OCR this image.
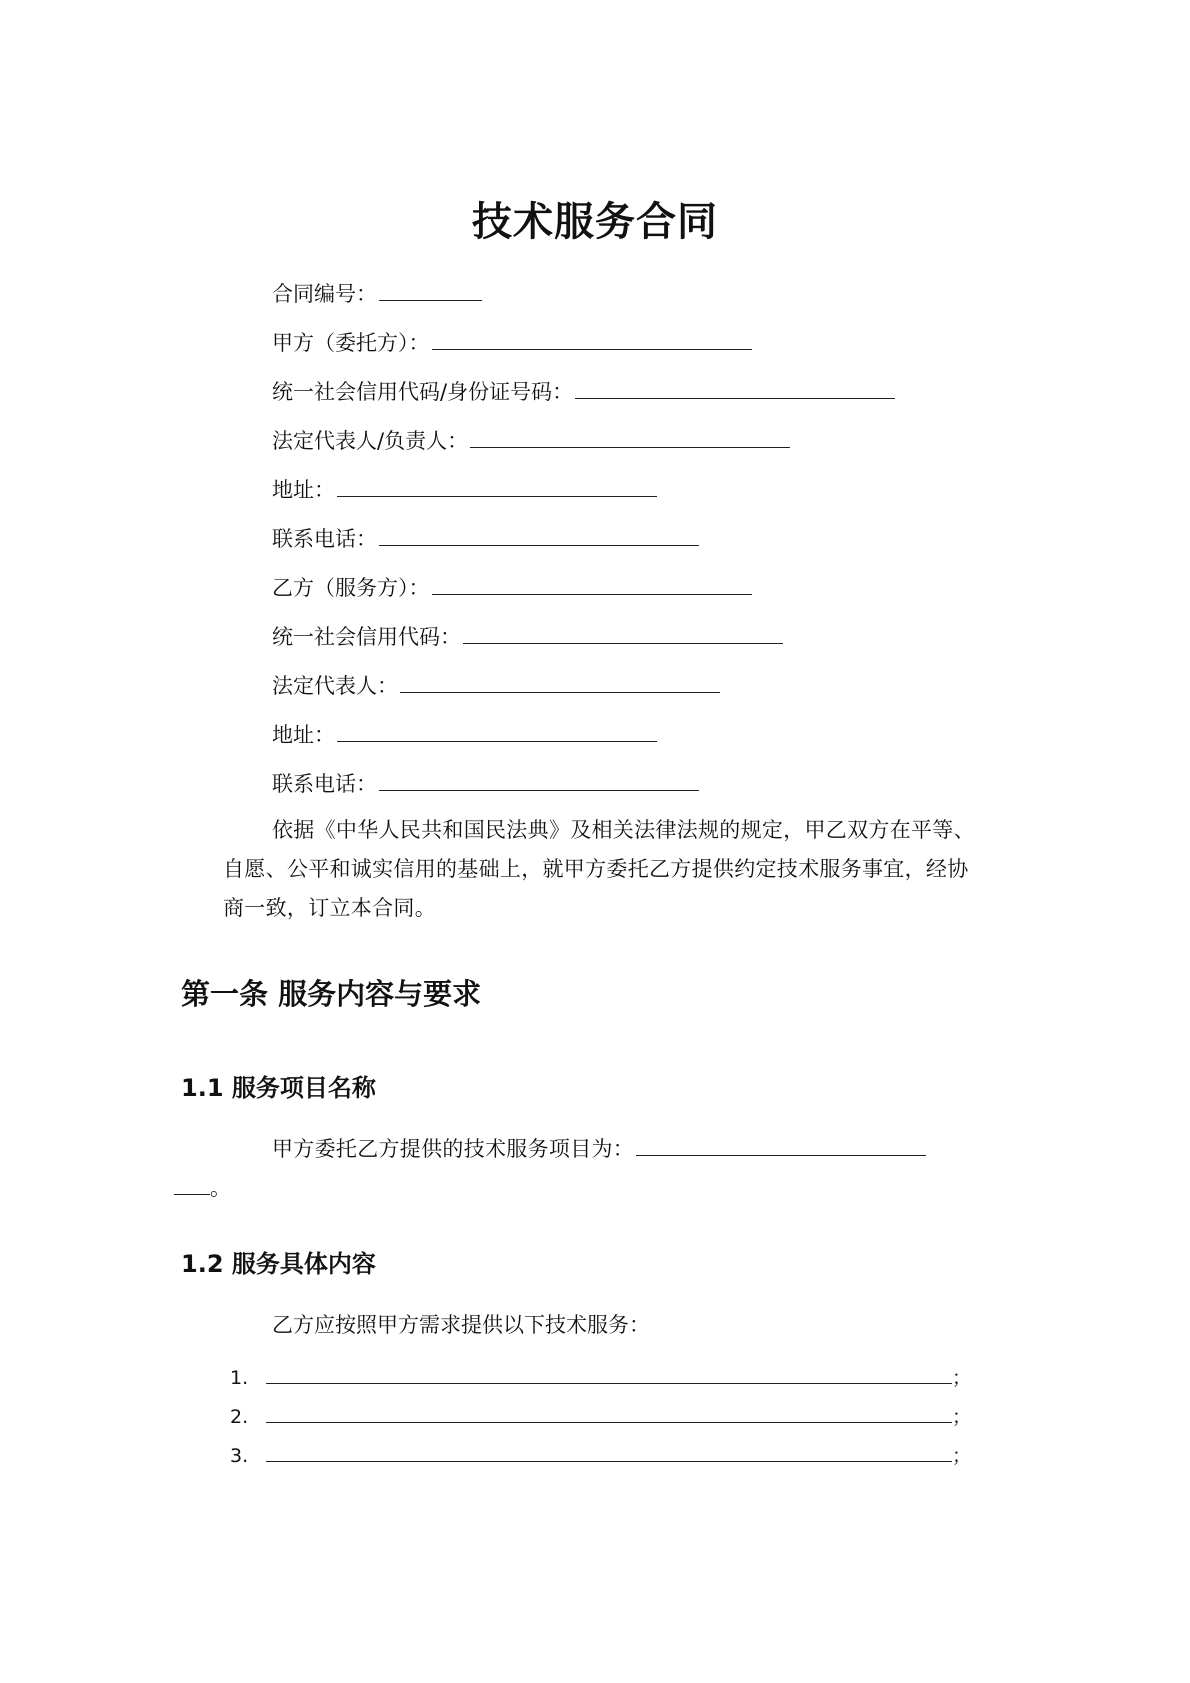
技术服务合同
合同编号：
甲方（委托方）：
统一社会信用代码/身份证号码：
法定代表人/负责人：
地址：
联系电话：
乙方（服务方）：
统一社会信用代码：
法定代表人：
地址：
联系电话：
依据《中华人民共和国民法典》及相关法律法规的规定，甲乙双方在平等、自愿、公平和诚实信用的基础上，就甲方委托乙方提供约定技术服务事宜，经协商一致，订立本合同。
第一条 服务内容与要求
1.1 服务项目名称
甲方委托乙方提供的技术服务项目为：
。
1.2 服务具体内容
乙方应按照甲方需求提供以下技术服务：
1.	；
2.	；
3.	；
